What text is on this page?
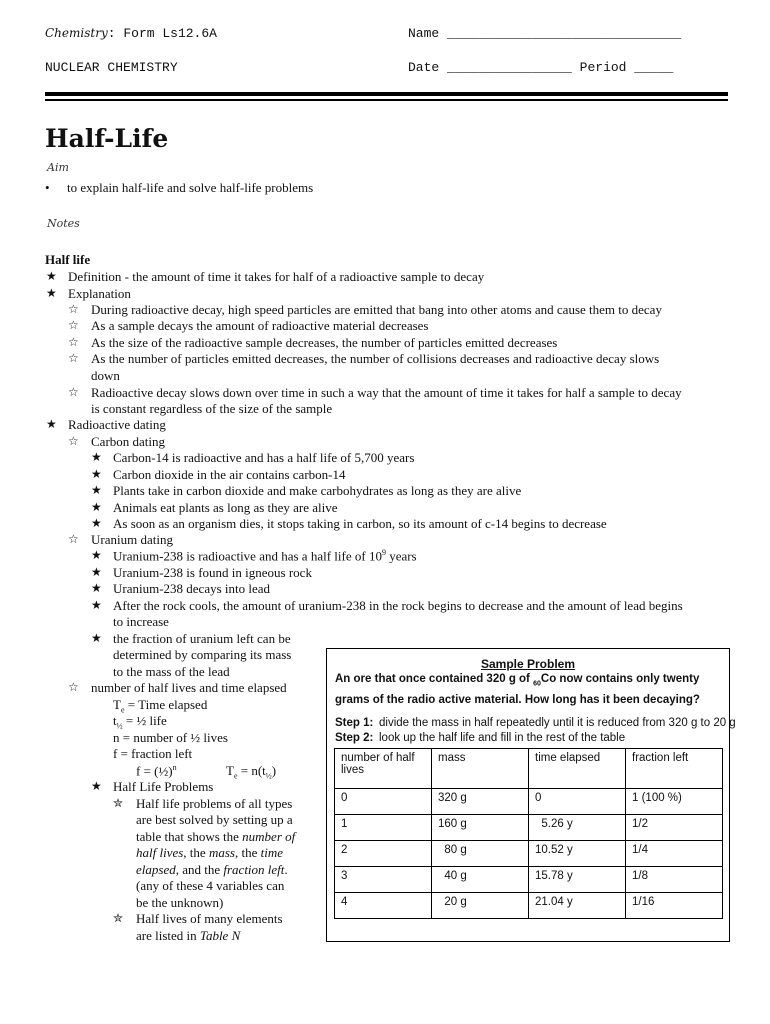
Chemistry: Form Ls12.6A	Name ______________________________
NUCLEAR CHEMISTRY	Date ________________ Period _____
Half-Life
Aim
• to explain half-life and solve half-life problems
Notes
Half life
★ Definition - the amount of time it takes for half of a radioactive sample to decay
★ Explanation
☆ During radioactive decay, high speed particles are emitted that bang into other atoms and cause them to decay
☆ As a sample decays the amount of radioactive material decreases
☆ As the size of the radioactive sample decreases, the number of particles emitted decreases
☆ As the number of particles emitted decreases, the number of collisions decreases and radioactive decay slows
down
☆ Radioactive decay slows down over time in such a way that the amount of time it takes for half a sample to decay
is constant regardless of the size of the sample
★ Radioactive dating
☆ Carbon dating
★ Carbon-14 is radioactive and has a half life of 5,700 years
★ Carbon dioxide in the air contains carbon-14
★ Plants take in carbon dioxide and make carbohydrates as long as they are alive
★ Animals eat plants as long as they are alive
★ As soon as an organism dies, it stops taking in carbon, so its amount of c-14 begins to decrease
☆ Uranium dating
★ Uranium-238 is radioactive and has a half life of $10^9$ years
★ Uranium-238 is found in igneous rock
★ Uranium-238 decays into lead
★ After the rock cools, the amount of uranium-238 in the rock begins to decrease and the amount of lead begins
to increase
★ the fraction of uranium left can be
determined by comparing its mass
to the mass of the lead
☆ number of half lives and time elapsed
$T_e$ = Time elapsed
$t_{\frac{1}{2}}$ = ½ life
n = number of ½ lives
f = fraction left
f = (½)$^n$	$T_e = n(t_{\frac{1}{2}})$
★ Half Life Problems
✮ Half life problems of all types
are best solved by setting up a
table that shows the number of
half lives, the mass, the time
elapsed, and the fraction left.
(any of these 4 variables can
be the unknown)
✮ Half lives of many elements
are listed in Table N
Sample Problem
An ore that once contained 320 g of $_{60}$Co now contains only twenty grams of the radio active material. How long has it been decaying?
Step 1: divide the mass in half repeatedly until it is reduced from 320 g to 20 g
Step 2: look up the half life and fill in the rest of the table
number of half lives	mass	time elapsed	fraction left
0	320 g	0	1 (100 %)
1	160 g	5.26 y	1/2
2	80 g	10.52 y	1/4
3	40 g	15.78 y	1/8
4	20 g	21.04 y	1/16
